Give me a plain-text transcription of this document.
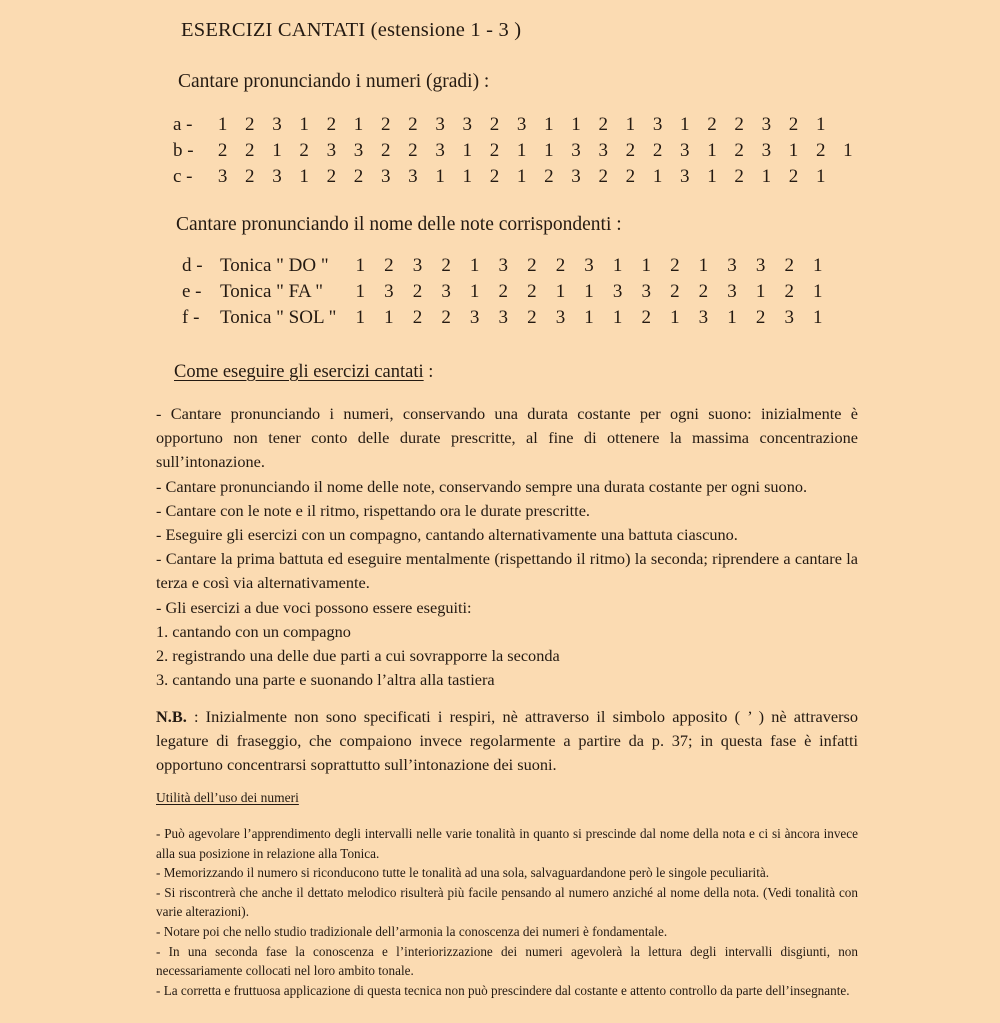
ESERCIZI CANTATI (estensione 1 - 3 )
Cantare pronunciando i numeri (gradi) :
a -	1 2 3 1 2 1 2 2 3 3 2 3 1 1 2 1 3 1 2 2 3 2 1
b -	2 2 1 2 3 3 2 2 3 1 2 1 1 3 3 2 2 3 1 2 3 1 2 1
c -	3 2 3 1 2 2 3 3 1 1 2 1 2 3 2 2 1 3 1 2 1 2 1
Cantare pronunciando il nome delle note corrispondenti :
d - Tonica " DO "	1	2	3	2	1	3	2	2	3	1	1	2	1	3	3	2	1
e - Tonica " FA "	1	3	2	3	1	2	2	1	1	3	3	2	2	3	1	2	1
f -	Tonica " SOL "	1	1	2	2	3	3	2	3	1	1	2	1	3	1	2	3	1
Come eseguire gli esercizi cantati :

- Cantare pronunciando i numeri, conservando una durata costante per ogni suono: inizialmente è opportuno non tener conto delle durate prescritte, al fine di ottenere la massima concentrazione sull’intonazione.

- Cantare pronunciando il nome delle note, conservando sempre una durata costante per ogni suono.

- Cantare con le note e il ritmo, rispettando ora le durate prescritte.

- Eseguire gli esercizi con un compagno, cantando alternativamente una battuta ciascuno.

- Cantare la prima battuta ed eseguire mentalmente (rispettando il ritmo) la seconda; riprendere a cantare la terza e così via alternativamente.

- Gli esercizi a due voci possono essere eseguiti:

1. cantando con un compagno

2. registrando una delle due parti a cui sovrapporre la seconda

3. cantando una parte e suonando l’altra alla tastiera

N.B. : Inizialmente non sono specificati i respiri, nè attraverso il simbolo apposito ( ’ ) nè attraverso legature di fraseggio, che compaiono invece regolarmente a partire da p. 37; in questa fase è infatti opportuno concentrarsi soprattutto sull’intonazione dei suoni.

Utilità dell’uso dei numeri

- Può agevolare l’apprendimento degli intervalli nelle varie tonalità in quanto si prescinde dal nome della nota e ci si àncora invece alla sua posizione in relazione alla Tonica.

- Memorizzando il numero si riconducono tutte le tonalità ad una sola, salvaguardandone però le singole peculiarità.

- Si riscontrerà che anche il dettato melodico risulterà più facile pensando al numero anziché al nome della nota. (Vedi tonalità con varie alterazioni).

- Notare poi che nello studio tradizionale dell’armonia la conoscenza dei numeri è fondamentale.

- In una seconda fase la conoscenza e l’interiorizzazione dei numeri agevolerà la lettura degli intervalli disgiunti, non necessariamente collocati nel loro ambito tonale.

- La corretta e fruttuosa applicazione di questa tecnica non può prescindere dal costante e attento controllo da parte dell’insegnante.
